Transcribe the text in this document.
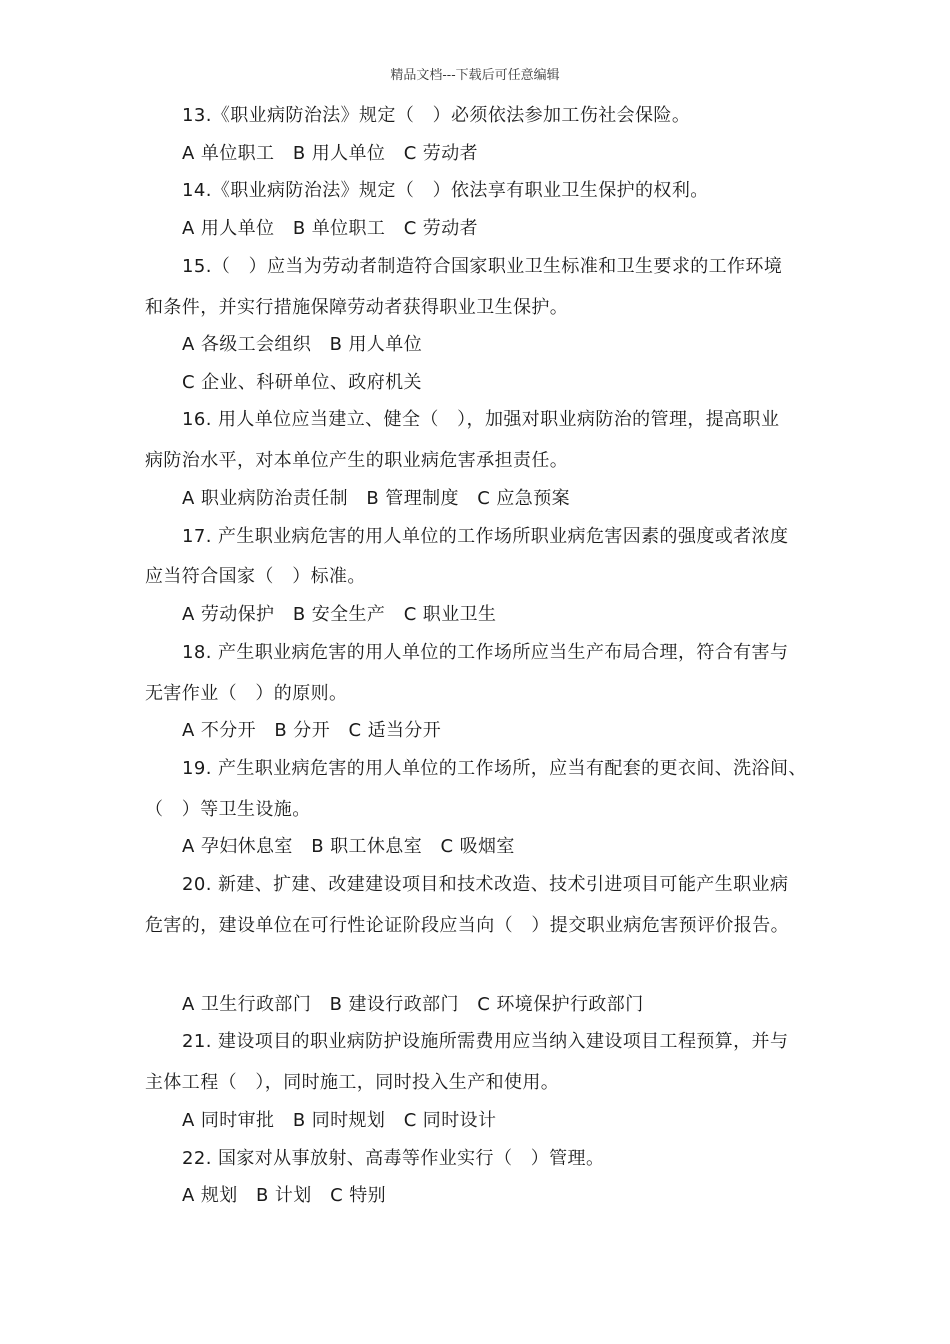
精品文档---下载后可任意编辑
13.《职业病防治法》规定（　）必须依法参加工伤社会保险。
A 单位职工　B 用人单位　C 劳动者
14.《职业病防治法》规定（　）依法享有职业卫生保护的权利。
A 用人单位　B 单位职工　C 劳动者
15.（　）应当为劳动者制造符合国家职业卫生标准和卫生要求的工作环境
和条件，并实行措施保障劳动者获得职业卫生保护。
A 各级工会组织　B 用人单位
C 企业、科研单位、政府机关
16. 用人单位应当建立、健全（　），加强对职业病防治的管理，提高职业
病防治水平，对本单位产生的职业病危害承担责任。
A 职业病防治责任制　B 管理制度　C 应急预案
17. 产生职业病危害的用人单位的工作场所职业病危害因素的强度或者浓度
应当符合国家（　）标准。
A 劳动保护　B 安全生产　C 职业卫生
18. 产生职业病危害的用人单位的工作场所应当生产布局合理，符合有害与
无害作业（　）的原则。
A 不分开　B 分开　C 适当分开
19. 产生职业病危害的用人单位的工作场所，应当有配套的更衣间、洗浴间、
（　）等卫生设施。
A 孕妇休息室　B 职工休息室　C 吸烟室
20. 新建、扩建、改建建设项目和技术改造、技术引进项目可能产生职业病
危害的，建设单位在可行性论证阶段应当向（　）提交职业病危害预评价报告。
A 卫生行政部门　B 建设行政部门　C 环境保护行政部门
21. 建设项目的职业病防护设施所需费用应当纳入建设项目工程预算，并与
主体工程（　），同时施工，同时投入生产和使用。
A 同时审批　B 同时规划　C 同时设计
22. 国家对从事放射、高毒等作业实行（　）管理。
A 规划　B 计划　C 特别
